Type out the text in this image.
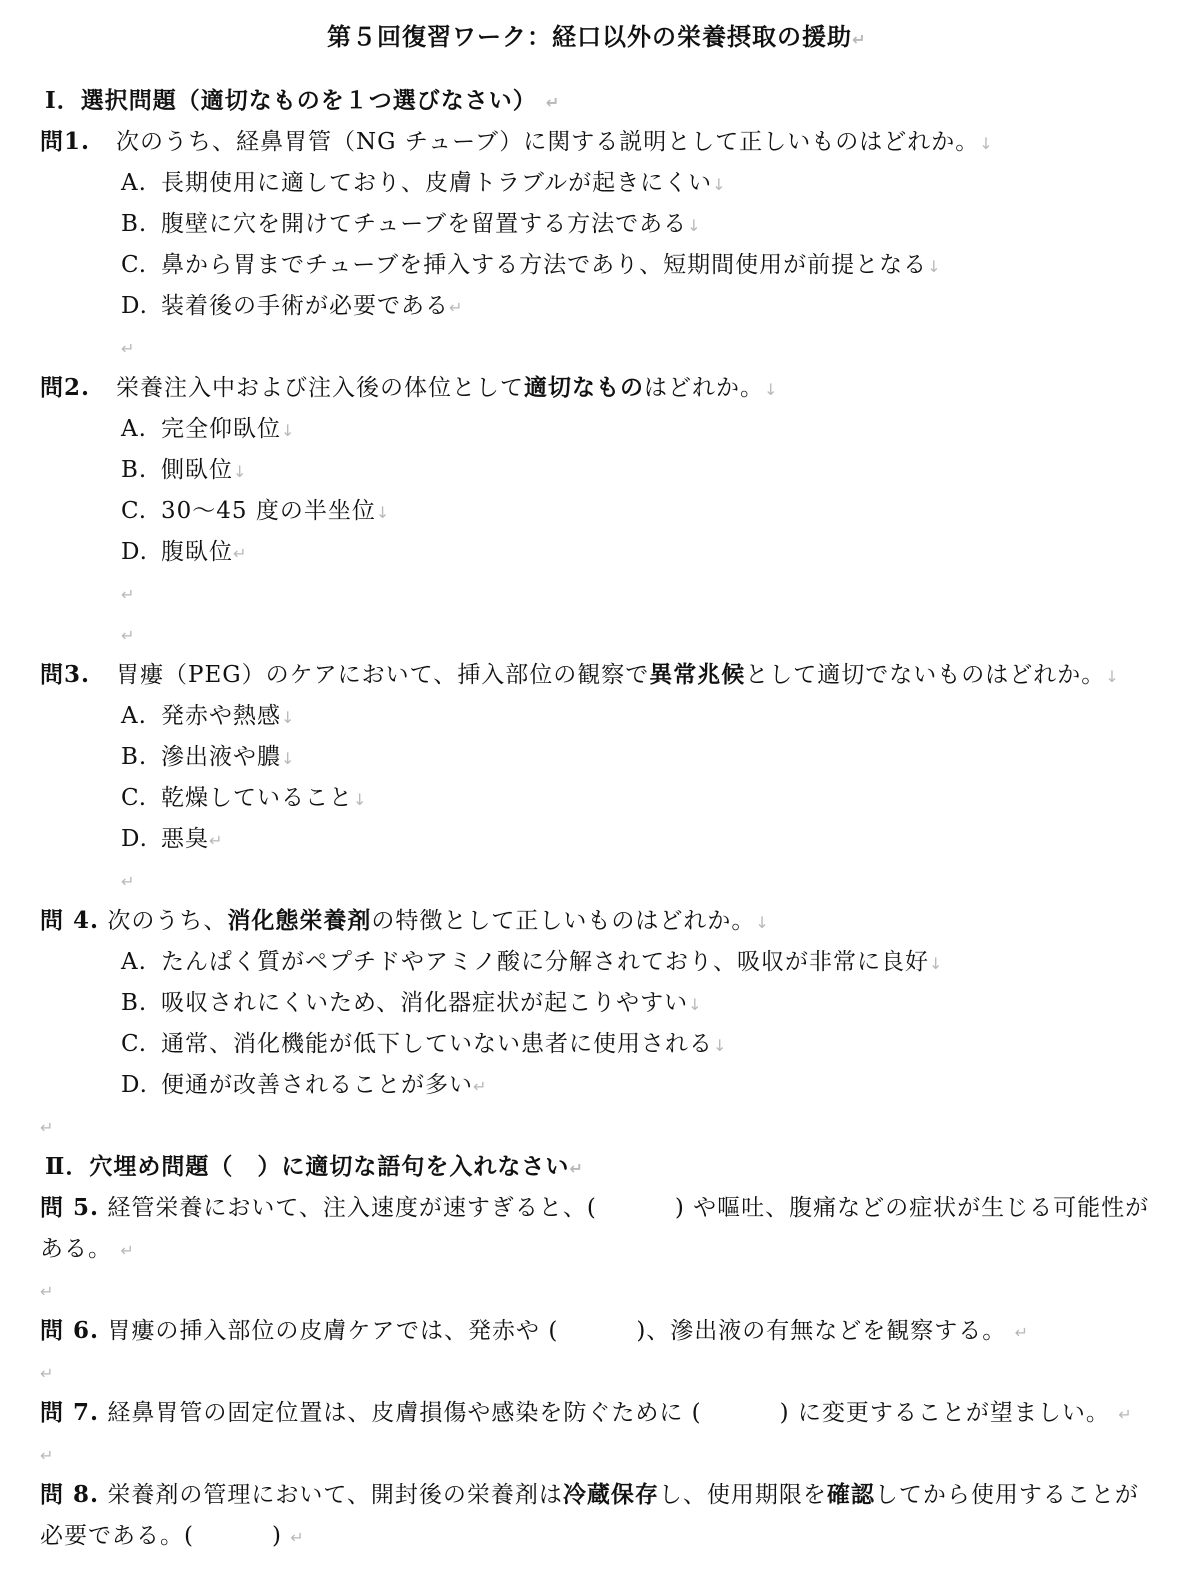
第５回復習ワーク：経口以外の栄養摂取の援助↵
Ⅰ．選択問題（適切なものを１つ選びなさい） ↵
問1. 次のうち、経鼻胃管（NG チューブ）に関する説明として正しいものはどれか。↓
A. 長期使用に適しており、皮膚トラブルが起きにくい↓
B. 腹壁に穴を開けてチューブを留置する方法である↓
C. 鼻から胃までチューブを挿入する方法であり、短期間使用が前提となる↓
D. 装着後の手術が必要である↵
↵
問2. 栄養注入中および注入後の体位として適切なものはどれか。↓
A. 完全仰臥位↓
B. 側臥位↓
C. 30〜45 度の半坐位↓
D. 腹臥位↵
↵
↵
問3. 胃瘻（PEG）のケアにおいて、挿入部位の観察で異常兆候として適切でないものはどれか。↓
A. 発赤や熱感↓
B. 滲出液や膿↓
C. 乾燥していること↓
D. 悪臭↵
↵
問 4. 次のうち、消化態栄養剤の特徴として正しいものはどれか。↓
A. たんぱく質がペプチドやアミノ酸に分解されており、吸収が非常に良好↓
B. 吸収されにくいため、消化器症状が起こりやすい↓
C. 通常、消化機能が低下していない患者に使用される↓
D. 便通が改善されることが多い↵
↵
Ⅱ．穴埋め問題（　）に適切な語句を入れなさい↵
問 5. 経管栄養において、注入速度が速すぎると、(	) や嘔吐、腹痛などの症状が生じる可能性が
ある。 ↵
↵
問 6. 胃瘻の挿入部位の皮膚ケアでは、発赤や (	)、滲出液の有無などを観察する。 ↵
↵
問 7. 経鼻胃管の固定位置は、皮膚損傷や感染を防ぐために (	) に変更することが望ましい。 ↵
↵
問 8. 栄養剤の管理において、開封後の栄養剤は冷蔵保存し、使用期限を確認してから使用することが
必要である。(	) ↵
